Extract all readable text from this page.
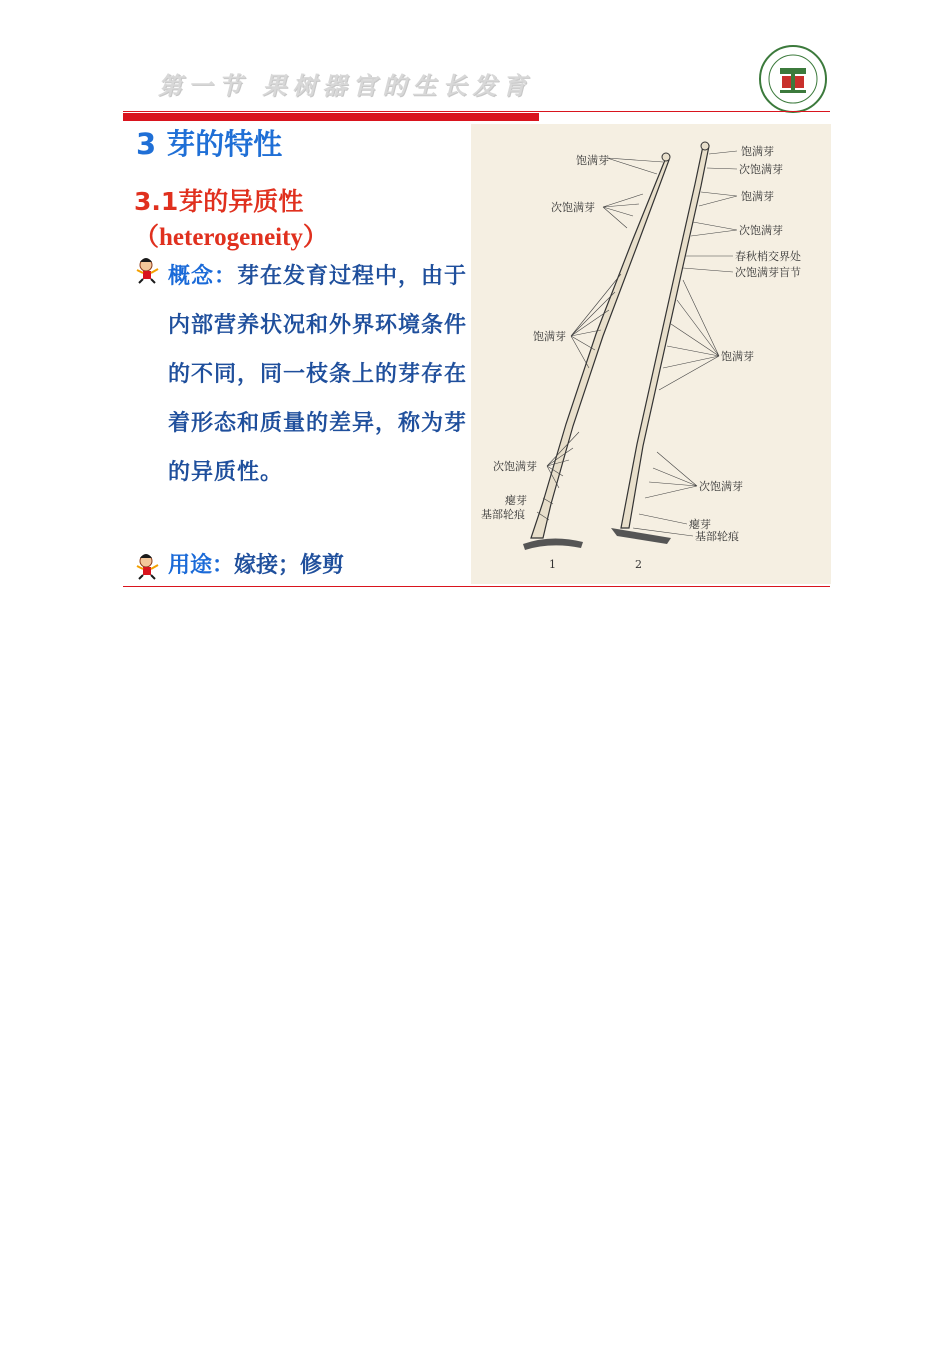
第一节 果树器官的生长发育
3 芽的特性
3.1芽的异质性
（heterogeneity）
概念：芽在发育过程中，由于内部营养状况和外界环境条件的不同，同一枝条上的芽存在着形态和质量的差异，称为芽的异质性。
用途：嫁接；修剪
饱满芽
次饱满芽
饱满芽
次饱满芽
瘪芽
基部轮痕
1
饱满芽
次饱满芽
饱满芽
次饱满芽
春秋梢交界处
次饱满芽盲节
饱满芽
次饱满芽
瘪芽
基部轮痕
2
